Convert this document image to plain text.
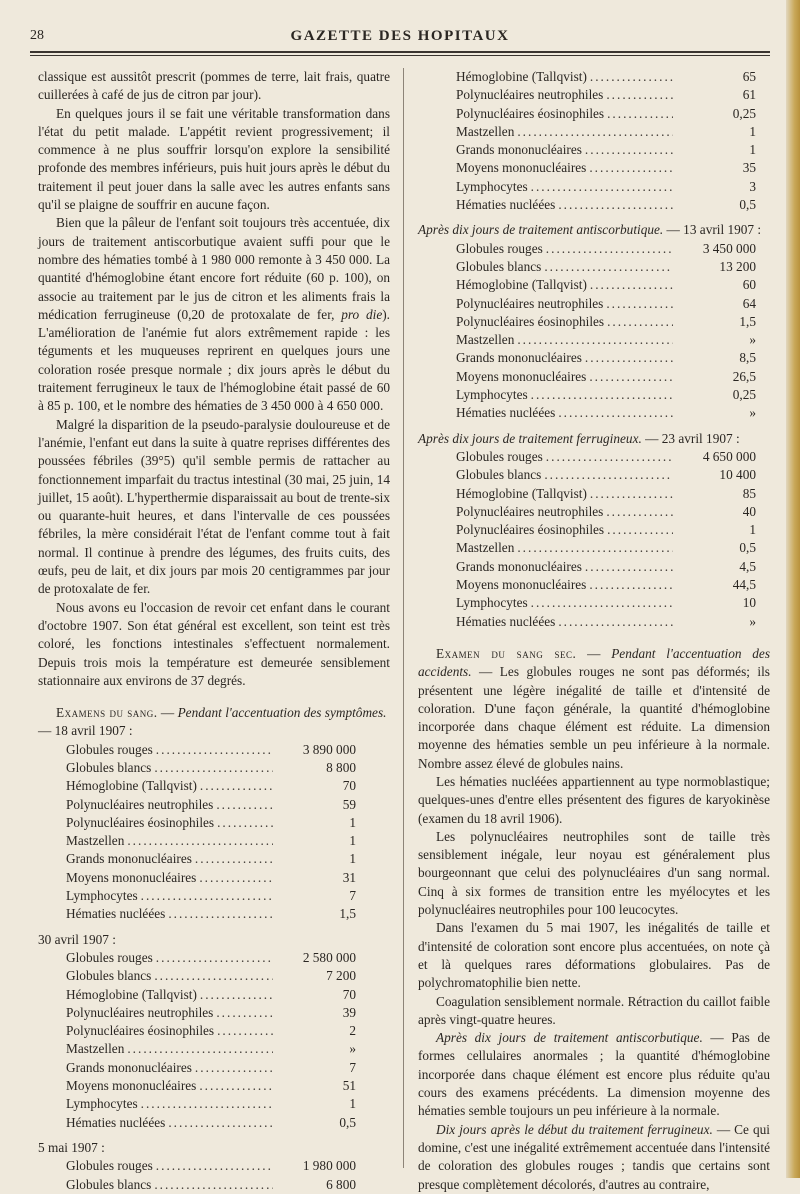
28	GAZETTE DES HOPITAUX

classique est aussitôt prescrit (pommes de terre, lait frais, quatre cuillerées à café de jus de citron par jour).

En quelques jours il se fait une véritable transformation dans l'état du petit malade. L'appétit revient progressivement; il commence à ne plus souffrir lorsqu'on explore la sensibilité profonde des membres inférieurs, puis huit jours après le début du traitement il peut jouer dans la salle avec les autres enfants sans qu'il se plaigne de souffrir en aucune façon.

Bien que la pâleur de l'enfant soit toujours très accentuée, dix jours de traitement antiscorbutique avaient suffi pour que le nombre des hématies tombé à 1 980 000 remonte à 3 450 000. La quantité d'hémoglobine étant encore fort réduite (60 p. 100), on associe au traitement par le jus de citron et les aliments frais la médication ferrugineuse (0,20 de protoxalate de fer, pro die). L'amélioration de l'anémie fut alors extrêmement rapide : les téguments et les muqueuses reprirent en quelques jours une coloration rosée presque normale ; dix jours après le début du traitement ferrugineux le taux de l'hémoglobine était passé de 60 à 85 p. 100, et le nombre des hématies de 3 450 000 à 4 650 000.

Malgré la disparition de la pseudo-paralysie douloureuse et de l'anémie, l'enfant eut dans la suite à quatre reprises différentes des poussées fébriles (39°5) qu'il semble permis de rattacher au fonctionnement imparfait du tractus intestinal (30 mai, 25 juin, 14 juillet, 15 août). L'hyperthermie disparaissait au bout de trente-six ou quarante-huit heures, et dans l'intervalle de ces poussées fébriles, la mère considérait l'état de l'enfant comme tout à fait normal. Il continue à prendre des légumes, des fruits cuits, des œufs, peu de lait, et dix jours par mois 20 centigrammes par jour de protoxalate de fer.

Nous avons eu l'occasion de revoir cet enfant dans le courant d'octobre 1907. Son état général est excellent, son teint est très coloré, les fonctions intestinales s'effectuent normalement. Depuis trois mois la température est demeurée sensiblement stationnaire aux environs de 37 degrés.

Examens du sang. — Pendant l'accentuation des symptômes.

— 18 avril 1907 :

Globules rouges .....	3 890 000
Globules blancs .....	8 800
Hémoglobine (Tallqvist) .....	70
Polynucléaires neutrophiles .....	59
Polynucléaires éosinophiles .....	1
Mastzellen .....	1
Grands mononucléaires .....	1
Moyens mononucléaires .....	31
Lymphocytes .....	7
Hématies nucléées .....	1,5

30 avril 1907 :

Globules rouges .....	2 580 000
Globules blancs .....	7 200
Hémoglobine (Tallqvist) .....	70
Polynucléaires neutrophiles .....	39
Polynucléaires éosinophiles .....	2
Mastzellen .....	»
Grands mononucléaires .....	7
Moyens mononucléaires .....	51
Lymphocytes .....	1
Hématies nucléées .....	0,5

5 mai 1907 :

Globules rouges .....	1 980 000
Globules blancs .....	6 800
Hémoglobine (Tallqvist) .....	65
Polynucléaires neutrophiles .....	61
Polynucléaires éosinophiles .....	0,25
Mastzellen .....	1
Grands mononucléaires .....	1
Moyens mononucléaires .....	35
Lymphocytes .....	3
Hématies nucléées .....	0,5

Après dix jours de traitement antiscorbutique. — 13 avril 1907 :

Globules rouges .....	3 450 000
Globules blancs .....	13 200
Hémoglobine (Tallqvist) .....	60
Polynucléaires neutrophiles .....	64
Polynucléaires éosinophiles .....	1,5
Mastzellen .....	»
Grands mononucléaires .....	8,5
Moyens mononucléaires .....	26,5
Lymphocytes .....	0,25
Hématies nucléées .....	»

Après dix jours de traitement ferrugineux. — 23 avril 1907 :

Globules rouges .....	4 650 000
Globules blancs .....	10 400
Hémoglobine (Tallqvist) .....	85
Polynucléaires neutrophiles .....	40
Polynucléaires éosinophiles .....	1
Mastzellen .....	0,5
Grands mononucléaires .....	4,5
Moyens mononucléaires .....	44,5
Lymphocytes .....	10
Hématies nucléées .....	»

Examen du sang sec. — Pendant l'accentuation des accidents. — Les globules rouges ne sont pas déformés; ils présentent une légère inégalité de taille et d'intensité de coloration. D'une façon générale, la quantité d'hémoglobine incorporée dans chaque élément est réduite. La dimension moyenne des hématies semble un peu inférieure à la normale. Nombre assez élevé de globules nains.

Les hématies nucléées appartiennent au type normoblastique; quelques-unes d'entre elles présentent des figures de karyokinèse (examen du 18 avril 1906).

Les polynucléaires neutrophiles sont de taille très sensiblement inégale, leur noyau est généralement plus bourgeonnant que celui des polynucléaires d'un sang normal. Cinq à six formes de transition entre les myélocytes et les polynucléaires neutrophiles pour 100 leucocytes.

Dans l'examen du 5 mai 1907, les inégalités de taille et d'intensité de coloration sont encore plus accentuées, on note çà et là quelques rares déformations globulaires. Pas de polychromatophilie bien nette.

Coagulation sensiblement normale. Rétraction du caillot faible après vingt-quatre heures.

Après dix jours de traitement antiscorbutique. — Pas de formes cellulaires anormales ; la quantité d'hémoglobine incorporée dans chaque élément est encore plus réduite qu'au cours des examens précédents. La dimension moyenne des hématies semble toujours un peu inférieure à la normale.

Dix jours après le début du traitement ferrugineux. — Ce qui domine, c'est une inégalité extrêmement accentuée dans l'intensité de coloration des globules rouges ; tandis que certains sont presque complètement décolorés, d'autres au contraire,
